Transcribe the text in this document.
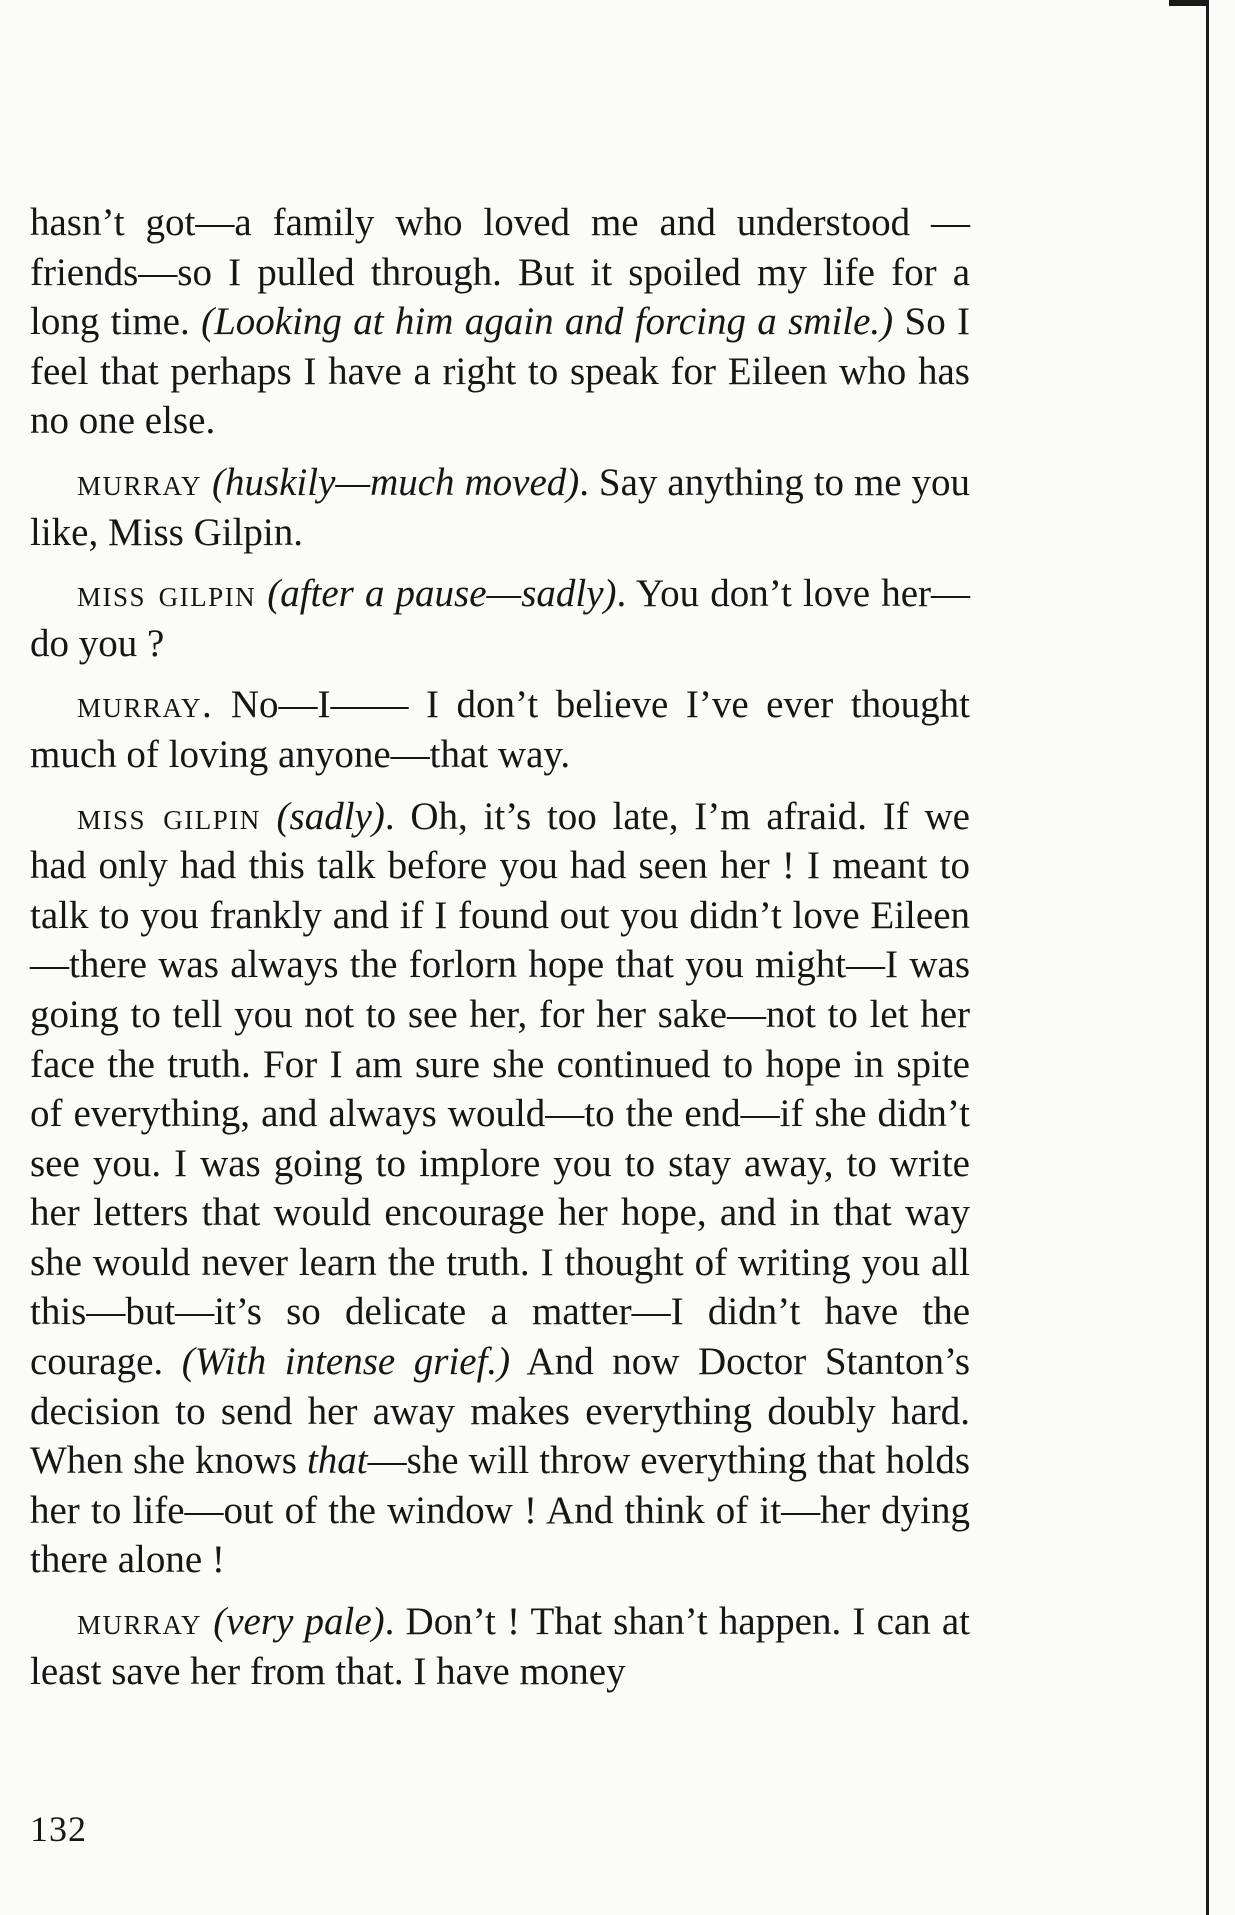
hasn’t got—a family who loved me and understood —friends—so I pulled through. But it spoiled my life for a long time. (Looking at him again and forcing a smile.) So I feel that perhaps I have a right to speak for Eileen who has no one else.

murray (huskily—much moved). Say anything to me you like, Miss Gilpin.

miss gilpin (after a pause—sadly). You don’t love her—do you ?

murray. No—I—— I don’t believe I’ve ever thought much of loving anyone—that way.

miss gilpin (sadly). Oh, it’s too late, I’m afraid. If we had only had this talk before you had seen her ! I meant to talk to you frankly and if I found out you didn’t love Eileen—there was always the forlorn hope that you might—I was going to tell you not to see her, for her sake—not to let her face the truth. For I am sure she continued to hope in spite of everything, and always would—to the end—if she didn’t see you. I was going to implore you to stay away, to write her letters that would encourage her hope, and in that way she would never learn the truth. I thought of writing you all this—but—it’s so delicate a matter—I didn’t have the courage. (With intense grief.) And now Doctor Stanton’s decision to send her away makes everything doubly hard. When she knows that—she will throw everything that holds her to life—out of the window ! And think of it—her dying there alone !

murray (very pale). Don’t ! That shan’t happen. I can at least save her from that. I have money

132
